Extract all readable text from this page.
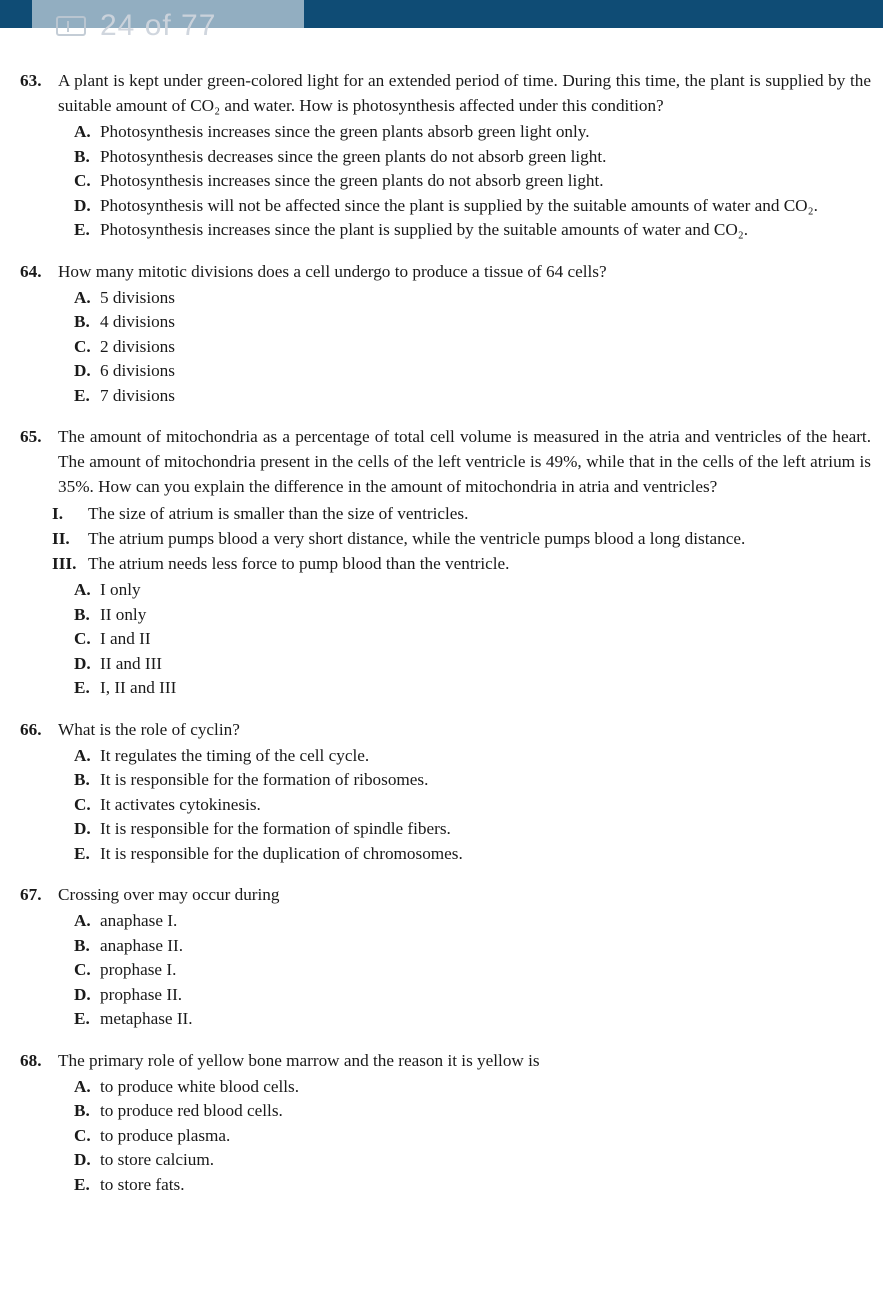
24 of 77
63. A plant is kept under green-colored light for an extended period of time. During this time, the plant is supplied by the suitable amount of CO₂ and water. How is photosynthesis affected under this condition?
A. Photosynthesis increases since the green plants absorb green light only.
B. Photosynthesis decreases since the green plants do not absorb green light.
C. Photosynthesis increases since the green plants do not absorb green light.
D. Photosynthesis will not be affected since the plant is supplied by the suitable amounts of water and CO₂.
E. Photosynthesis increases since the plant is supplied by the suitable amounts of water and CO₂.
64. How many mitotic divisions does a cell undergo to produce a tissue of 64 cells?
A. 5 divisions
B. 4 divisions
C. 2 divisions
D. 6 divisions
E. 7 divisions
65. The amount of mitochondria as a percentage of total cell volume is measured in the atria and ventricles of the heart. The amount of mitochondria present in the cells of the left ventricle is 49%, while that in the cells of the left atrium is 35%. How can you explain the difference in the amount of mitochondria in atria and ventricles?
I.	The size of atrium is smaller than the size of ventricles.
II.	The atrium pumps blood a very short distance, while the ventricle pumps blood a long distance.
III. The atrium needs less force to pump blood than the ventricle.
A. I only
B. II only
C. I and II
D. II and III
E. I, II and III
66. What is the role of cyclin?
A. It regulates the timing of the cell cycle.
B. It is responsible for the formation of ribosomes.
C. It activates cytokinesis.
D. It is responsible for the formation of spindle fibers.
E. It is responsible for the duplication of chromosomes.
67. Crossing over may occur during
A. anaphase I.
B. anaphase II.
C. prophase I.
D. prophase II.
E. metaphase II.
68. The primary role of yellow bone marrow and the reason it is yellow is
A. to produce white blood cells.
B. to produce red blood cells.
C. to produce plasma.
D. to store calcium.
E. to store fats.
